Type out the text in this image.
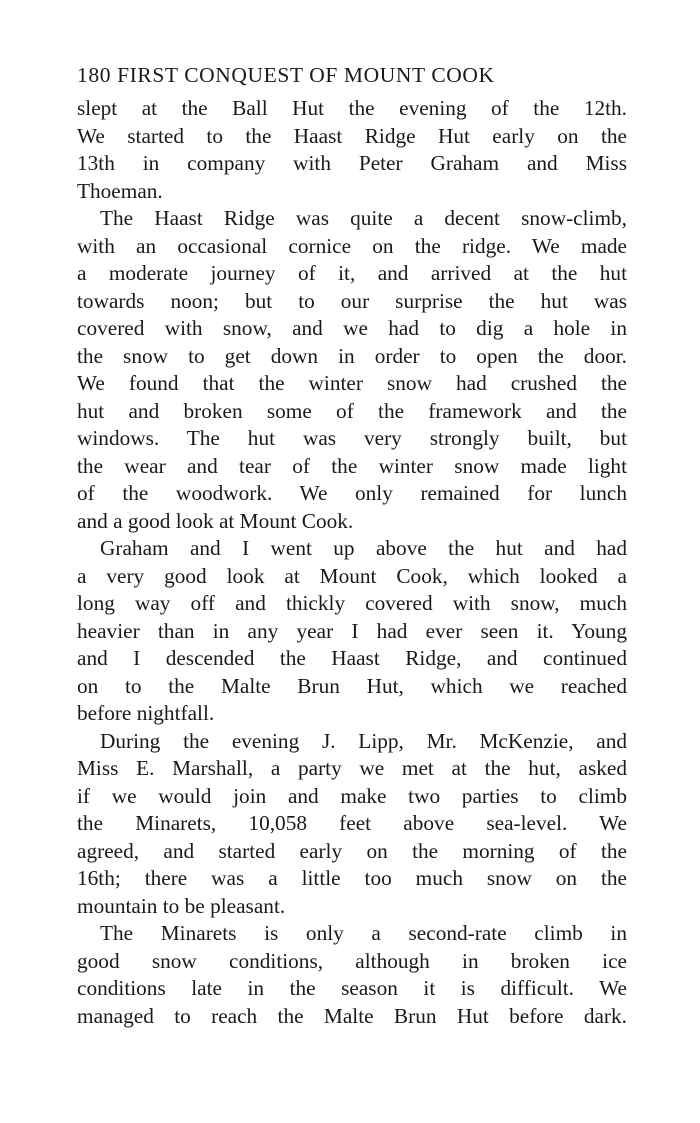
180 FIRST CONQUEST OF MOUNT COOK
slept at the Ball Hut the evening of the 12th.
We started to the Haast Ridge Hut early on the
13th in company with Peter Graham and Miss
Thoeman.
The Haast Ridge was quite a decent snow-climb,
with an occasional cornice on the ridge. We made
a moderate journey of it, and arrived at the hut
towards noon; but to our surprise the hut was
covered with snow, and we had to dig a hole in
the snow to get down in order to open the door.
We found that the winter snow had crushed the
hut and broken some of the framework and the
windows. The hut was very strongly built, but
the wear and tear of the winter snow made light
of the woodwork. We only remained for lunch
and a good look at Mount Cook.
Graham and I went up above the hut and had
a very good look at Mount Cook, which looked a
long way off and thickly covered with snow, much
heavier than in any year I had ever seen it. Young
and I descended the Haast Ridge, and continued
on to the Malte Brun Hut, which we reached
before nightfall.
During the evening J. Lipp, Mr. McKenzie, and
Miss E. Marshall, a party we met at the hut, asked
if we would join and make two parties to climb
the Minarets, 10,058 feet above sea-level. We
agreed, and started early on the morning of the
16th; there was a little too much snow on the
mountain to be pleasant.
The Minarets is only a second-rate climb in
good snow conditions, although in broken ice
conditions late in the season it is difficult. We
managed to reach the Malte Brun Hut before dark.
